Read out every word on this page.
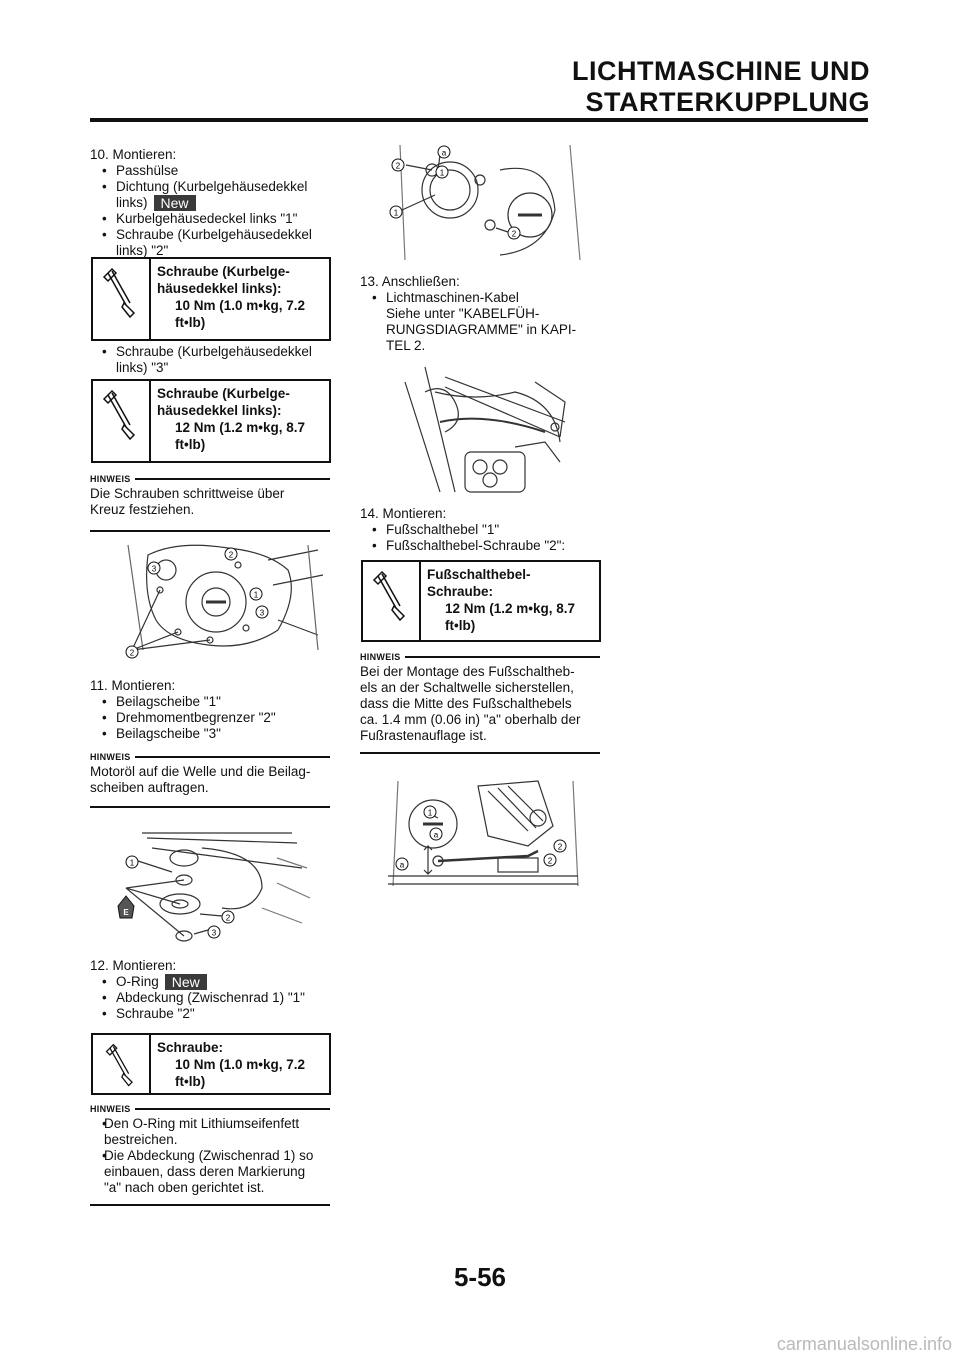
LICHTMASCHINE UND STARTERKUPPLUNG

10. Montieren:

• Passhülse

• Dichtung (Kurbelgehäusedekkel
links) New

• Kurbelgehäusedeckel links "1"

• Schraube (Kurbelgehäusedekkel
links) "2"

Schraube (Kurbelge-
häusedekkel links):
10 Nm (1.0 m•kg, 7.2
ft•lb)

• Schraube (Kurbelgehäusedekkel
links) "3"

Schraube (Kurbelge-
häusedekkel links):
12 Nm (1.2 m•kg, 8.7
ft•lb)
HINWEIS
Die Schrauben schrittweise über
Kreuz festziehen.
2
1
3
3
2

11. Montieren:

• Beilagscheibe "1"

• Drehmomentbegrenzer "2"

• Beilagscheibe "3"

HINWEIS
Motoröl auf die Welle und die Beilag-
scheiben auftragen.
1
2
3
E

12. Montieren:

• O-Ring New

• Abdeckung (Zwischenrad 1) "1"

• Schraube "2"

Schraube:
10 Nm (1.0 m•kg, 7.2
ft•lb)
HINWEIS

• Den O-Ring mit Lithiumseifenfett
bestreichen.

• Die Abdeckung (Zwischenrad 1) so
einbauen, dass deren Markierung
"a" nach oben gerichtet ist.

a
2
1
2
1

13. Anschließen:

• Lichtmaschinen-Kabel

Siehe unter "KABELFÜH-
RUNGSDIAGRAMME" in KAPI-
TEL 2.

14. Montieren:

• Fußschalthebel "1"

• Fußschalthebel-Schraube "2":

Fußschalthebel-
Schraube:
12 Nm (1.2 m•kg, 8.7
ft•lb)
HINWEIS
Bei der Montage des Fußschaltheb-
els an der Schaltwelle sicherstellen,
dass die Mitte des Fußschalthebels
ca. 1.4 mm (0.06 in) "a" oberhalb der
Fußrastenauflage ist.
1
a
a
2
2
5-56
carmanualsonline.info
